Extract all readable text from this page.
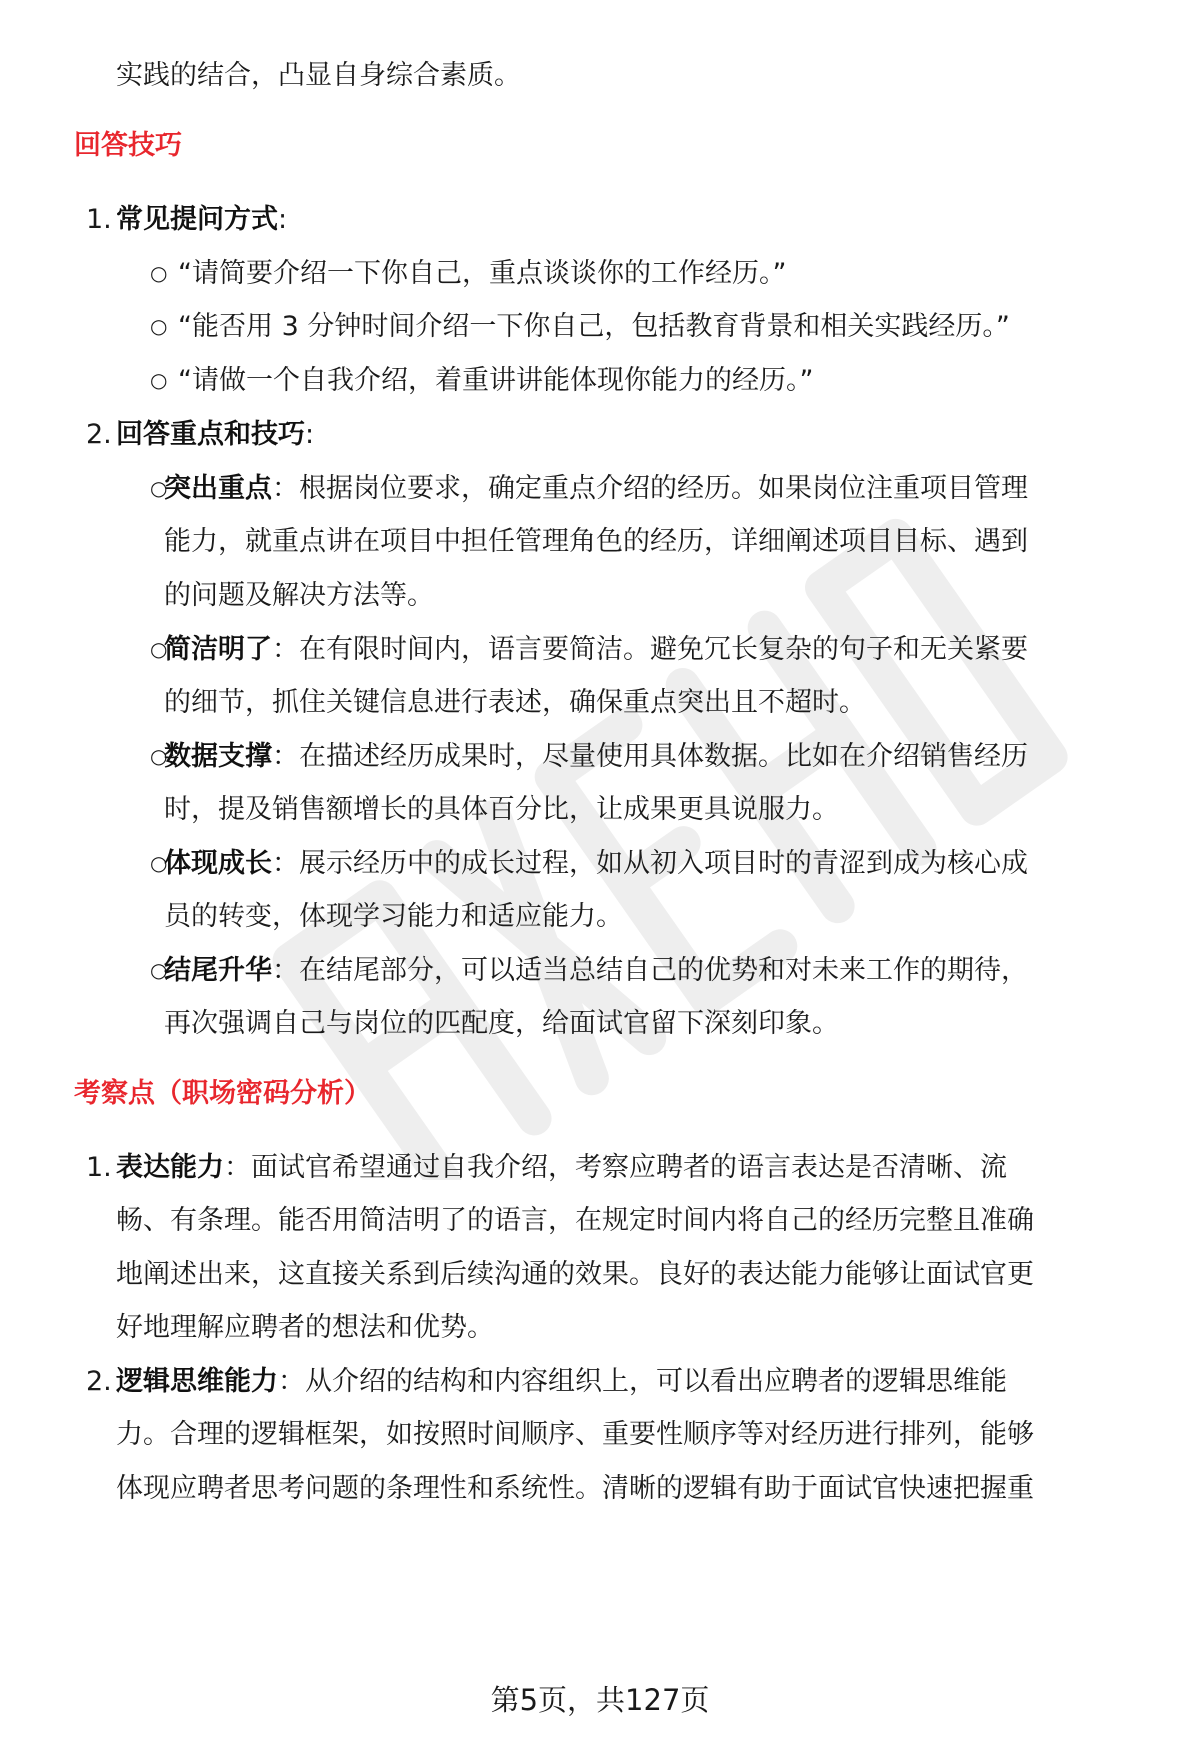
实践的结合，凸显自身综合素质。
回答技巧
1. 常见提问方式:
○ “请简要介绍一下你自己，重点谈谈你的工作经历。”
○ “能否用 3 分钟时间介绍一下你自己，包括教育背景和相关实践经历。”
○ “请做一个自我介绍，着重讲讲能体现你能力的经历。”
2. 回答重点和技巧:
○
突出重点：根据岗位要求，确定重点介绍的经历。如果岗位注重项目管理
能力，就重点讲在项目中担任管理角色的经历，详细阐述项目目标、遇到
的问题及解决方法等。
○
简洁明了：在有限时间内，语言要简洁。避免冗长复杂的句子和无关紧要
的细节，抓住关键信息进行表述，确保重点突出且不超时。
○
数据支撑：在描述经历成果时，尽量使用具体数据。比如在介绍销售经历
时，提及销售额增长的具体百分比，让成果更具说服力。
○
体现成长：展示经历中的成长过程，如从初入项目时的青涩到成为核心成
员的转变，体现学习能力和适应能力。
○
结尾升华：在结尾部分，可以适当总结自己的优势和对未来工作的期待，
再次强调自己与岗位的匹配度，给面试官留下深刻印象。
考察点（职场密码分析）
1. 表达能力：面试官希望通过自我介绍，考察应聘者的语言表达是否清晰、流
畅、有条理。能否用简洁明了的语言，在规定时间内将自己的经历完整且准确
地阐述出来，这直接关系到后续沟通的效果。良好的表达能力能够让面试官更
好地理解应聘者的想法和优势。
2. 逻辑思维能力：从介绍的结构和内容组织上，可以看出应聘者的逻辑思维能
力。合理的逻辑框架，如按照时间顺序、重要性顺序等对经历进行排列，能够
体现应聘者思考问题的条理性和系统性。清晰的逻辑有助于面试官快速把握重
第5页，共127页
